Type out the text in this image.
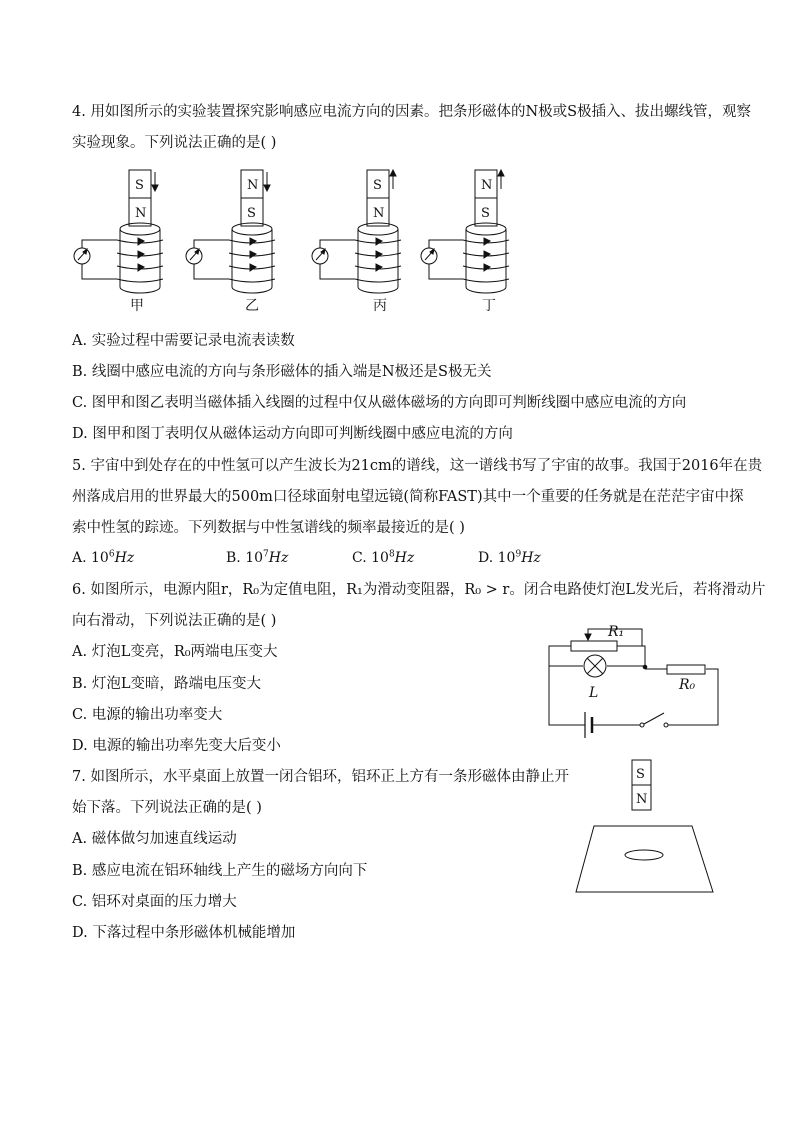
4. 用如图所示的实验装置探究影响感应电流方向的因素。把条形磁体的N极或S极插入、拔出螺线管，观察
实验现象。下列说法正确的是( )
S
N
甲
N
S
乙
S
N
丙
N
S
丁
A. 实验过程中需要记录电流表读数
B. 线圈中感应电流的方向与条形磁体的插入端是N极还是S极无关
C. 图甲和图乙表明当磁体插入线圈的过程中仅从磁体磁场的方向即可判断线圈中感应电流的方向
D. 图甲和图丁表明仅从磁体运动方向即可判断线圈中感应电流的方向
5. 宇宙中到处存在的中性氢可以产生波长为21cm的谱线，这一谱线书写了宇宙的故事。我国于2016年在贵
州落成启用的世界最大的500m口径球面射电望远镜(简称FAST)其中一个重要的任务就是在茫茫宇宙中探
索中性氢的踪迹。下列数据与中性氢谱线的频率最接近的是( )
A. $10^6Hz$	B. $10^7Hz$	C. $10^8Hz$	D. $10^9Hz$
6. 如图所示，电源内阻r，R₀为定值电阻，R₁为滑动变阻器，R₀ > r。闭合电路使灯泡L发光后，若将滑动片
向右滑动，下列说法正确的是( )
A. 灯泡L变亮，R₀两端电压变大
B. 灯泡L变暗，路端电压变大
C. 电源的输出功率变大
D. 电源的输出功率先变大后变小
R₁
L	R₀
7. 如图所示，水平桌面上放置一闭合铝环，铝环正上方有一条形磁体由静止开
始下落。下列说法正确的是( )
A. 磁体做匀加速直线运动
B. 感应电流在铝环轴线上产生的磁场方向向下
C. 铝环对桌面的压力增大
D. 下落过程中条形磁体机械能增加
S
N
